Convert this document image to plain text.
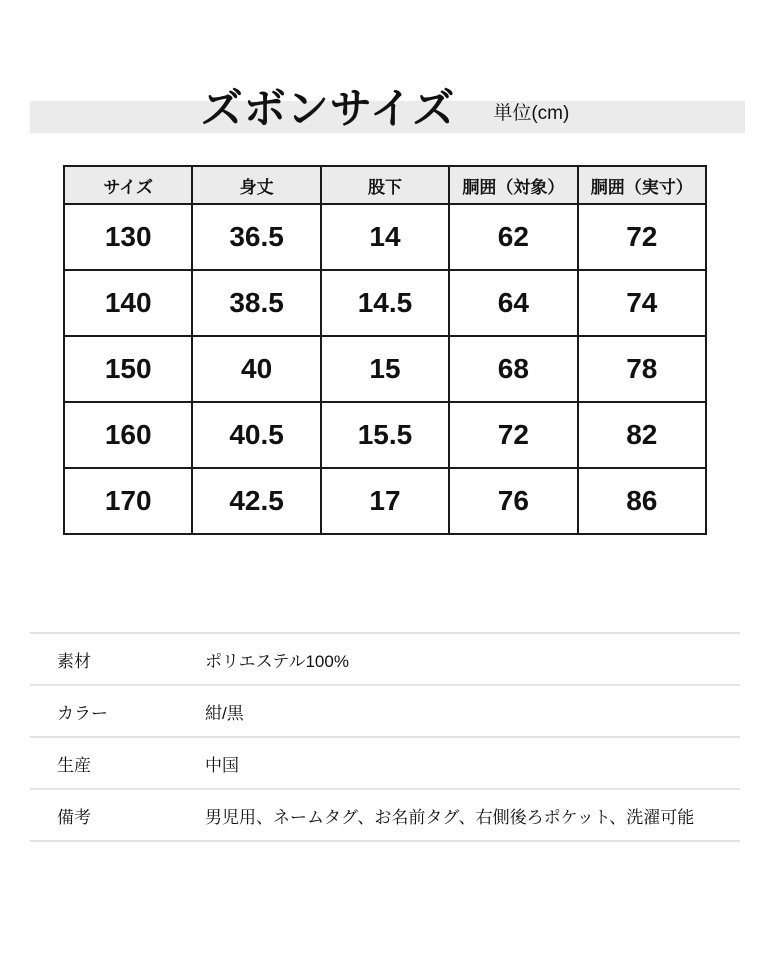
ズボンサイズ 単位(cm)
サイズ	身丈	股下	胴囲（対象）	胴囲（実寸）
130	36.5	14	62	72
140	38.5	14.5	64	74
150	40	15	68	78
160	40.5	15.5	72	82
170	42.5	17	76	86
素材	ポリエステル100%
カラー	紺/黒
生産	中国
備考	男児用、ネームタグ、お名前タグ、右側後ろポケット、洗濯可能
